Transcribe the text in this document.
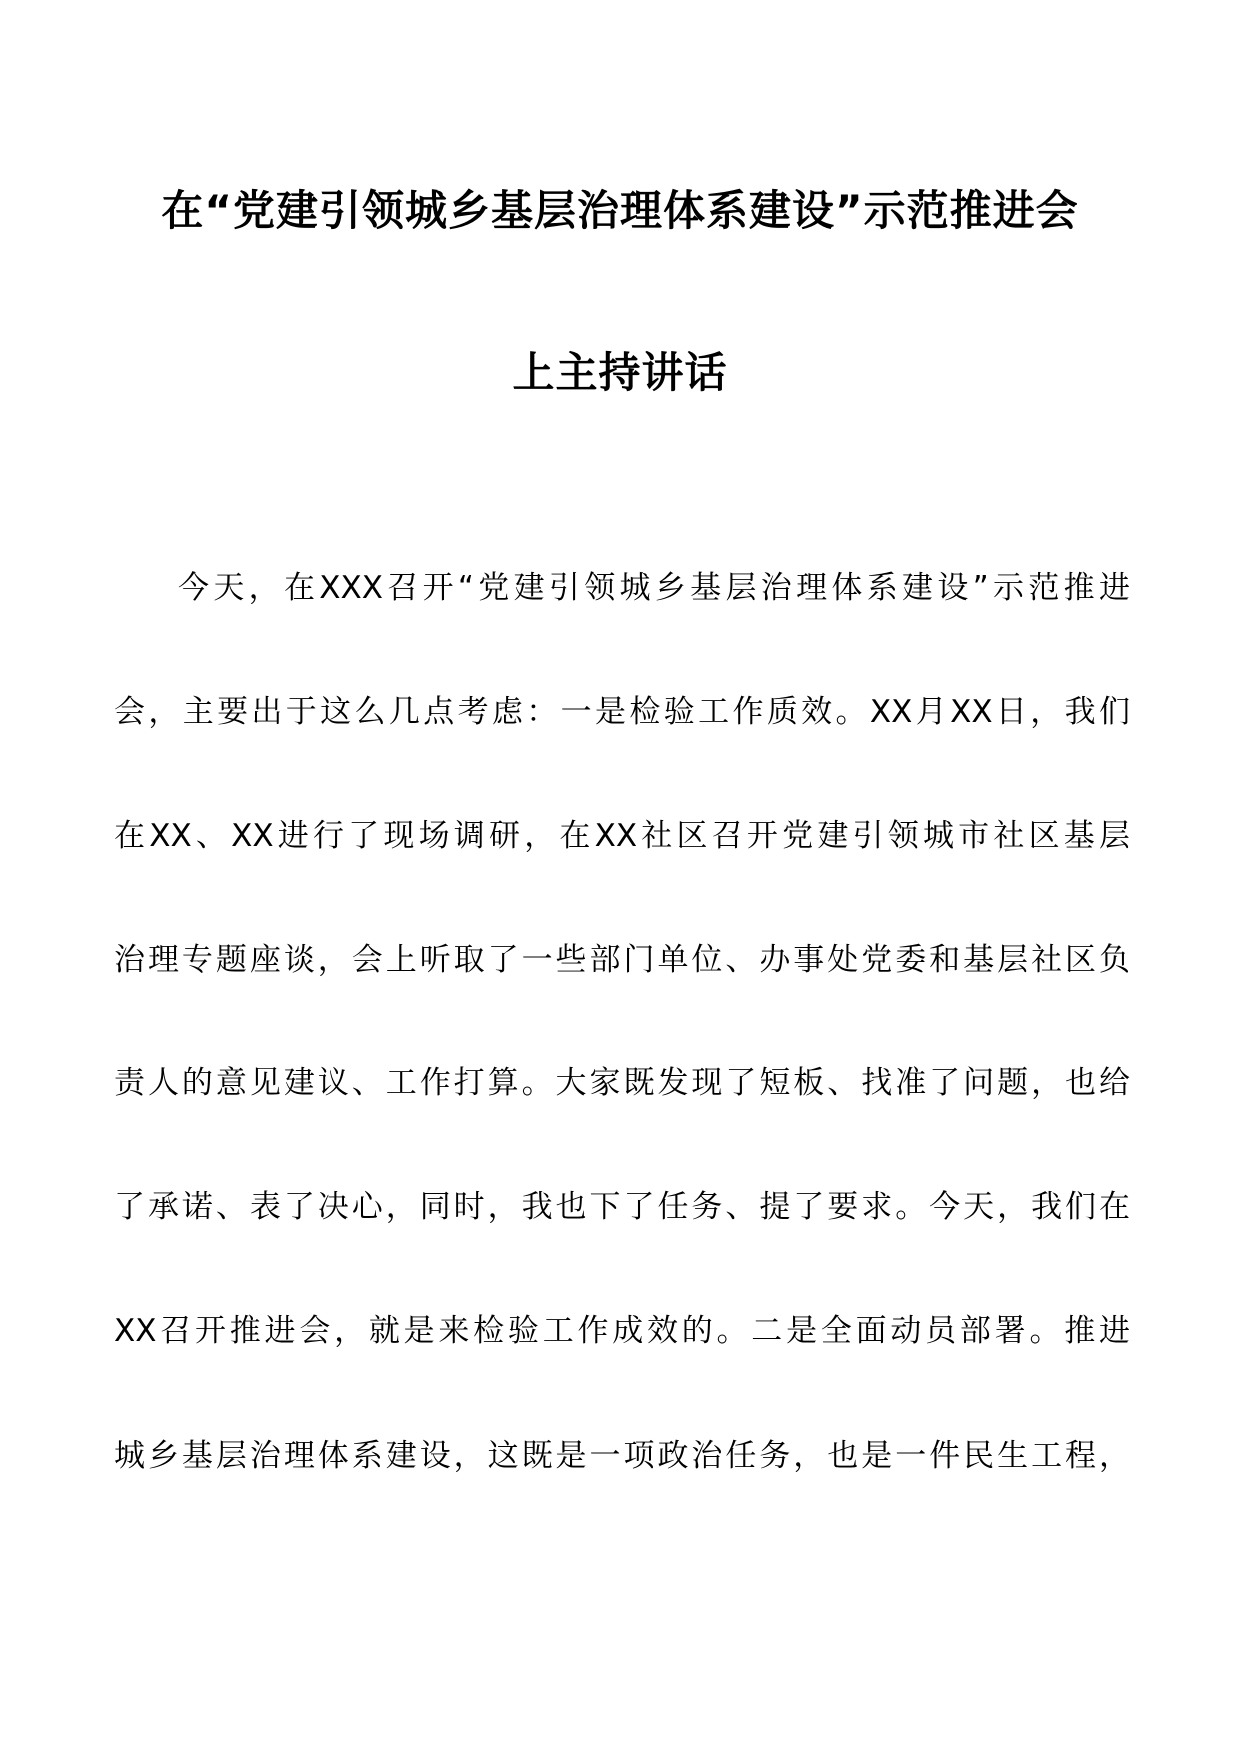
在“党建引领城乡基层治理体系建设”示范推进会
上主持讲话
今天，在XXX召开“党建引领城乡基层治理体系建设”示范推进
会，主要出于这么几点考虑：一是检验工作质效。XX月XX日，我们
在XX、XX进行了现场调研，在XX社区召开党建引领城市社区基层
治理专题座谈，会上听取了一些部门单位、办事处党委和基层社区负
责人的意见建议、工作打算。大家既发现了短板、找准了问题，也给
了承诺、表了决心，同时，我也下了任务、提了要求。今天，我们在
XX召开推进会，就是来检验工作成效的。二是全面动员部署。推进
城乡基层治理体系建设，这既是一项政治任务，也是一件民生工程，
